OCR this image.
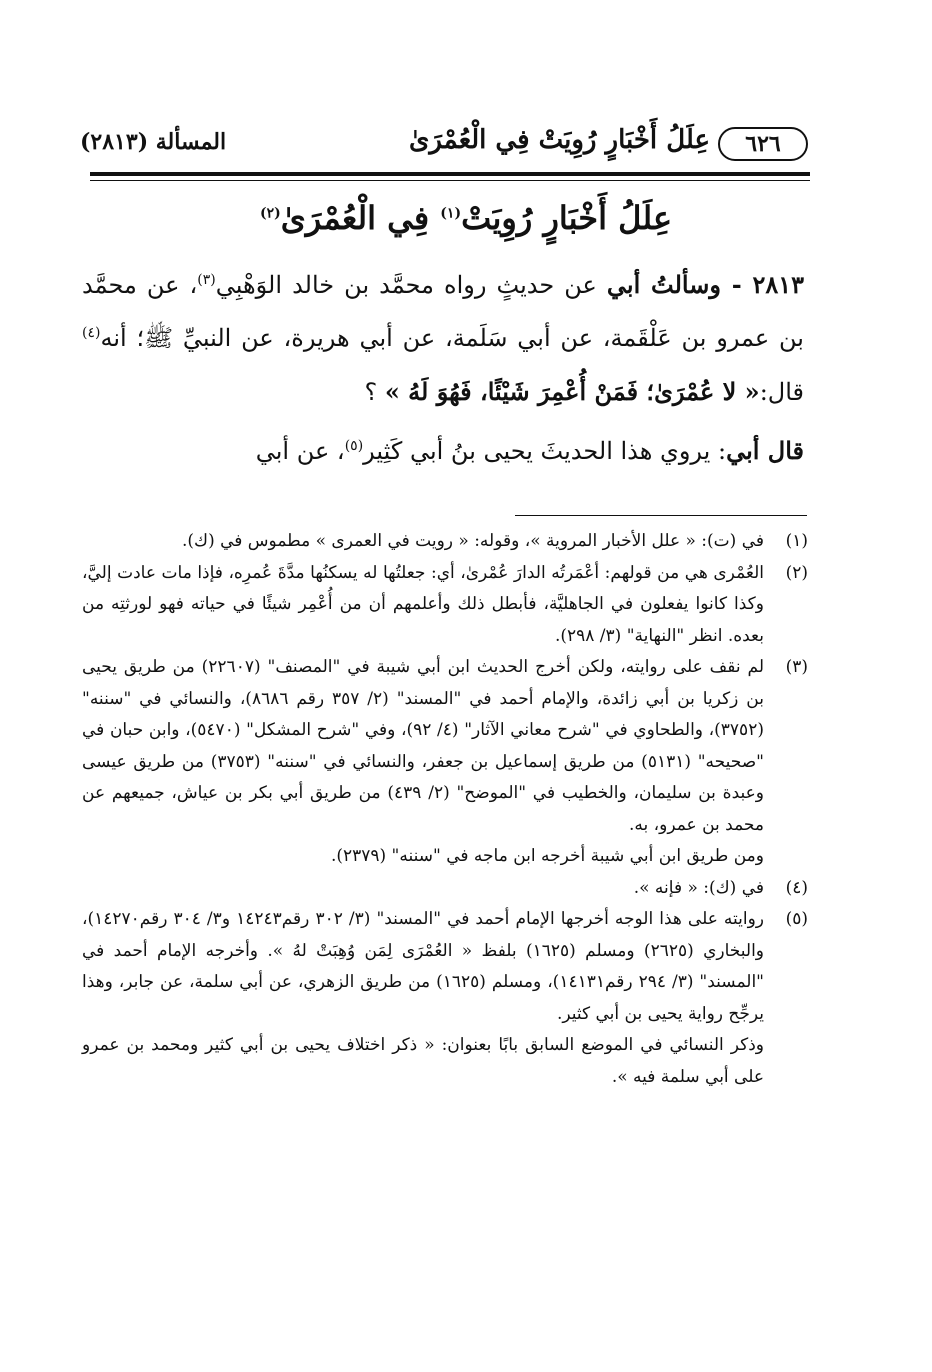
٦٢٦
عِلَلُ أَخْبَارٍ رُوِيَتْ فِي الْعُمْرَىٰ
المسألة (٢٨١٣)
عِلَلُ أَخْبَارٍ رُوِيَتْ$^{(١)}$ فِي الْعُمْرَىٰ$^{(٢)}$

٢٨١٣ - وسألتُ أبي عن حديثٍ رواه محمَّد بن خالد الوَهْبِي$^{(٣)}$، عن محمَّد بن عمرو بن عَلْقَمة، عن أبي سَلَمة، عن أبي هريرة، عن النبيِّ ﷺ؛ أنه$^{(٤)}$ قال:« لا عُمْرَىٰ؛ فَمَنْ أُعْمِرَ شَيْئًا، فَهُوَ لَهُ » ؟

قال أبي: يروي هذا الحديثَ يحيى بنُ أبي كَثِير$^{(٥)}$، عن أبي
(١)
في (ت): « علل الأخبار المروية »، وقوله: « رويت في العمرى » مطموس في (ك).
(٢)
العُمْرى هي من قولهم: أعْمَرتُه الدارَ عُمْرىٰ، أي: جعلتُها له يسكنُها مدَّةَ عُمرِه، فإذا مات عادت إليَّ، وكذا كانوا يفعلون في الجاهليَّة، فأبطل ذلك وأعلمهم أن من أُعْمِر شيئًا في حياته فهو لورثتِه من بعده. انظر "النهاية" (٣/ ٢٩٨).
(٣)
لم نقف على روايته، ولكن أخرج الحديث ابن أبي شيبة في "المصنف" (٢٢٦٠٧) من طريق يحيى بن زكريا بن أبي زائدة، والإمام أحمد في "المسند" (٢/ ٣٥٧ رقم ٨٦٨٦)، والنسائي في "سننه" (٣٧٥٢)، والطحاوي في "شرح معاني الآثار" (٤/ ٩٢)، وفي "شرح المشكل" (٥٤٧٠)، وابن حبان في "صحيحه" (٥١٣١) من طريق إسماعيل بن جعفر، والنسائي في "سننه" (٣٧٥٣) من طريق عيسى وعبدة بن سليمان، والخطيب في "الموضح" (٢/ ٤٣٩) من طريق أبي بكر بن عياش، جميعهم عن محمد بن عمرو، به.
ومن طريق ابن أبي شيبة أخرجه ابن ماجه في "سننه" (٢٣٧٩).
(٤)
في (ك): « فإنه ».
(٥)
روايته على هذا الوجه أخرجها الإمام أحمد في "المسند" (٣/ ٣٠٢ رقم١٤٢٤٣ و٣/ ٣٠٤ رقم١٤٢٧٠)، والبخاري (٢٦٢٥) ومسلم (١٦٢٥) بلفظ « العُمْرَى لِمَن وُهِبَتْ لهُ ». وأخرجه الإمام أحمد في "المسند" (٣/ ٢٩٤ رقم١٤١٣١)، ومسلم (١٦٢٥) من طريق الزهري، عن أبي سلمة، عن جابر، وهذا يرجِّح رواية يحيى بن أبي كثير.
وذكر النسائي في الموضع السابق بابًا بعنوان: « ذكر اختلاف يحيى بن أبي كثير ومحمد بن عمرو على أبي سلمة فيه ».
